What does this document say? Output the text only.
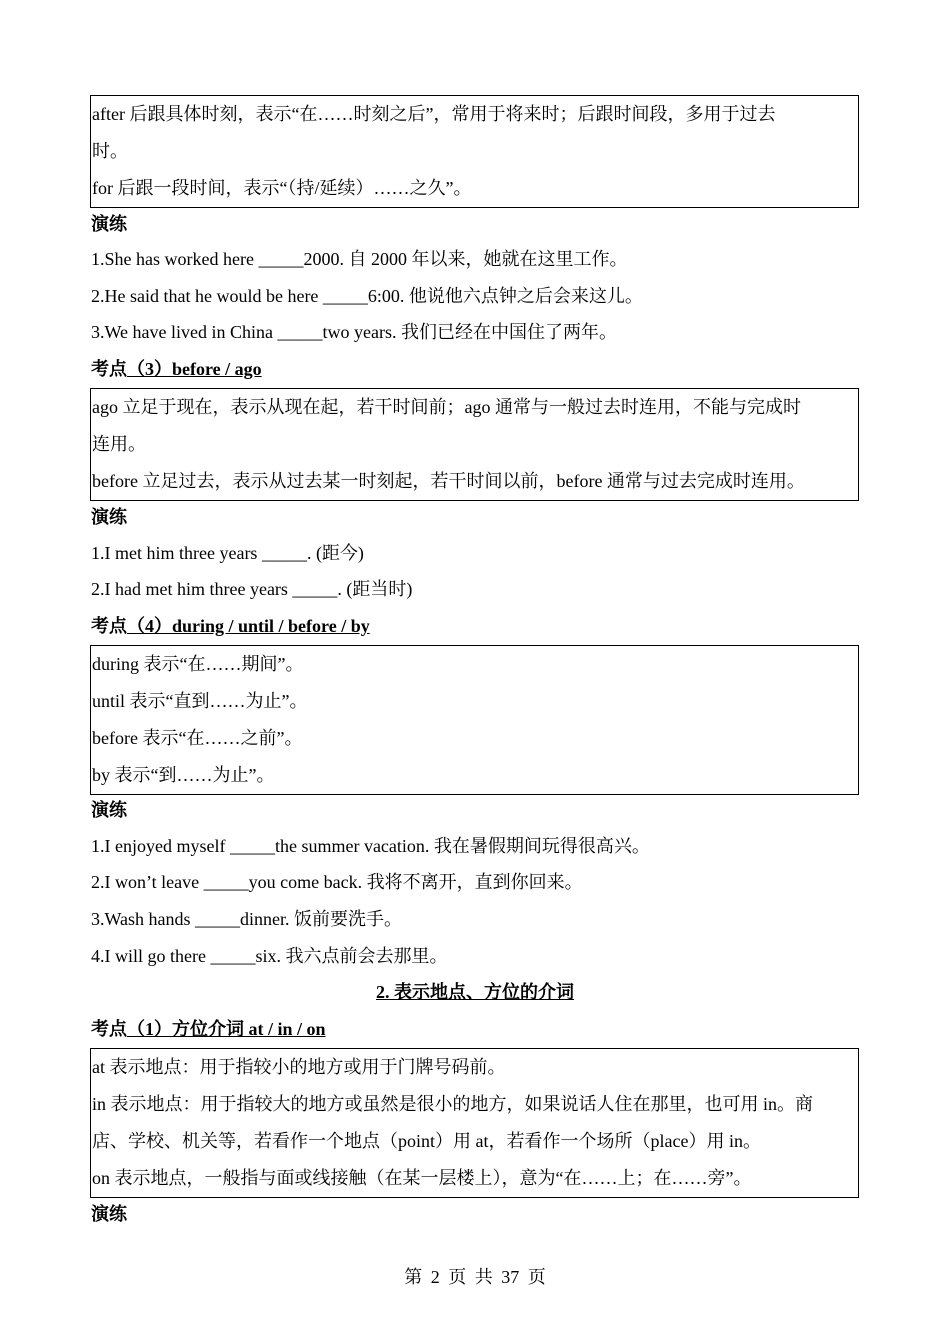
after 后跟具体时刻，表示“在……时刻之后”，常用于将来时；后跟时间段，多用于过去
时。
for 后跟一段时间，表示“（持/延续）……之久”。
演练
1.She has worked here _____2000. 自 2000 年以来，她就在这里工作。
2.He said that he would be here _____6:00. 他说他六点钟之后会来这儿。
3.We have lived in China _____two years. 我们已经在中国住了两年。
考点（3）before / ago
ago 立足于现在，表示从现在起，若干时间前；ago 通常与一般过去时连用，不能与完成时
连用。
before 立足过去，表示从过去某一时刻起，若干时间以前，before 通常与过去完成时连用。
演练
1.I met him three years _____. (距今)
2.I had met him three years _____. (距当时)
考点（4）during / until / before / by
during 表示“在……期间”。
until 表示“直到……为止”。
before 表示“在……之前”。
by 表示“到……为止”。
演练
1.I enjoyed myself _____the summer vacation. 我在暑假期间玩得很高兴。
2.I won’t leave _____you come back. 我将不离开，直到你回来。
3.Wash hands _____dinner. 饭前要洗手。
4.I will go there _____six. 我六点前会去那里。
2. 表示地点、方位的介词
考点（1）方位介词 at / in / on
at 表示地点：用于指较小的地方或用于门牌号码前。
in 表示地点：用于指较大的地方或虽然是很小的地方，如果说话人住在那里，也可用 in。商
店、学校、机关等，若看作一个地点（point）用 at，若看作一个场所（place）用 in。
on 表示地点，一般指与面或线接触（在某一层楼上），意为“在……上；在……旁”。
演练
第 2 页 共 37 页
